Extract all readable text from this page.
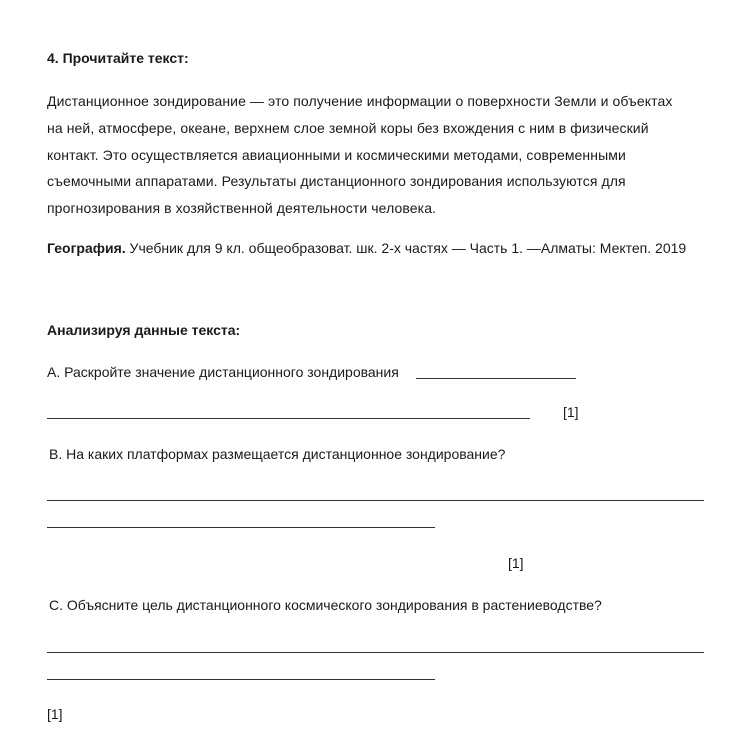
4. Прочитайте текст:
Дистанционное зондирование — это получение информации о поверхности Земли и объектах
на ней, атмосфере, океане, верхнем слое земной коры без вхождения с ним в физический
контакт. Это осуществляется авиационными и космическими методами, современными
съемочными аппаратами. Результаты дистанционного зондирования используются для
прогнозирования в хозяйственной деятельности человека.
География. Учебник для 9 кл. общеобразоват. шк. 2-х частях — Часть 1. —Алматы: Мектеп. 2019
Анализируя данные текста:
А. Раскройте значение дистанционного зондирования
[1]
В. На каких платформах размещается дистанционное зондирование?
[1]
С. Объясните цель дистанционного космического зондирования в растениеводстве?
[1]
